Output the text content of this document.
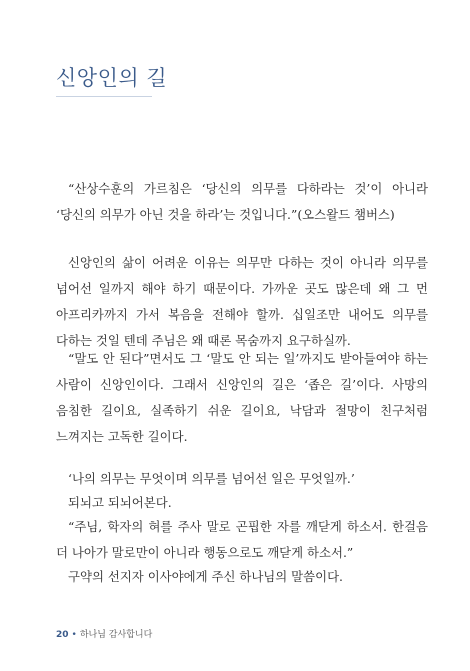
신앙인의 길

“산상수훈의 가르침은 ‘당신의 의무를 다하라는 것’이 아니라 ‘당신의 의무가 아닌 것을 하라’는 것입니다.”(오스왈드 챔버스)

신앙인의 삶이 어려운 이유는 의무만 다하는 것이 아니라 의무를 넘어선 일까지 해야 하기 때문이다. 가까운 곳도 많은데 왜 그 먼 아프리카까지 가서 복음을 전해야 할까. 십일조만 내어도 의무를 다하는 것일 텐데 주님은 왜 때론 목숨까지 요구하실까.

“말도 안 된다”면서도 그 ‘말도 안 되는 일’까지도 받아들여야 하는 사람이 신앙인이다. 그래서 신앙인의 길은 ‘좁은 길’이다. 사망의 음침한 길이요, 실족하기 쉬운 길이요, 낙담과 절망이 친구처럼 느껴지는 고독한 길이다.

‘나의 의무는 무엇이며 의무를 넘어선 일은 무엇일까.’

되뇌고 되뇌어본다.

“주님, 학자의 혀를 주사 말로 곤핍한 자를 깨닫게 하소서. 한걸음 더 나아가 말로만이 아니라 행동으로도 깨닫게 하소서.”

구약의 선지자 이사야에게 주신 하나님의 말씀이다.

20 • 하나님 감사합니다
